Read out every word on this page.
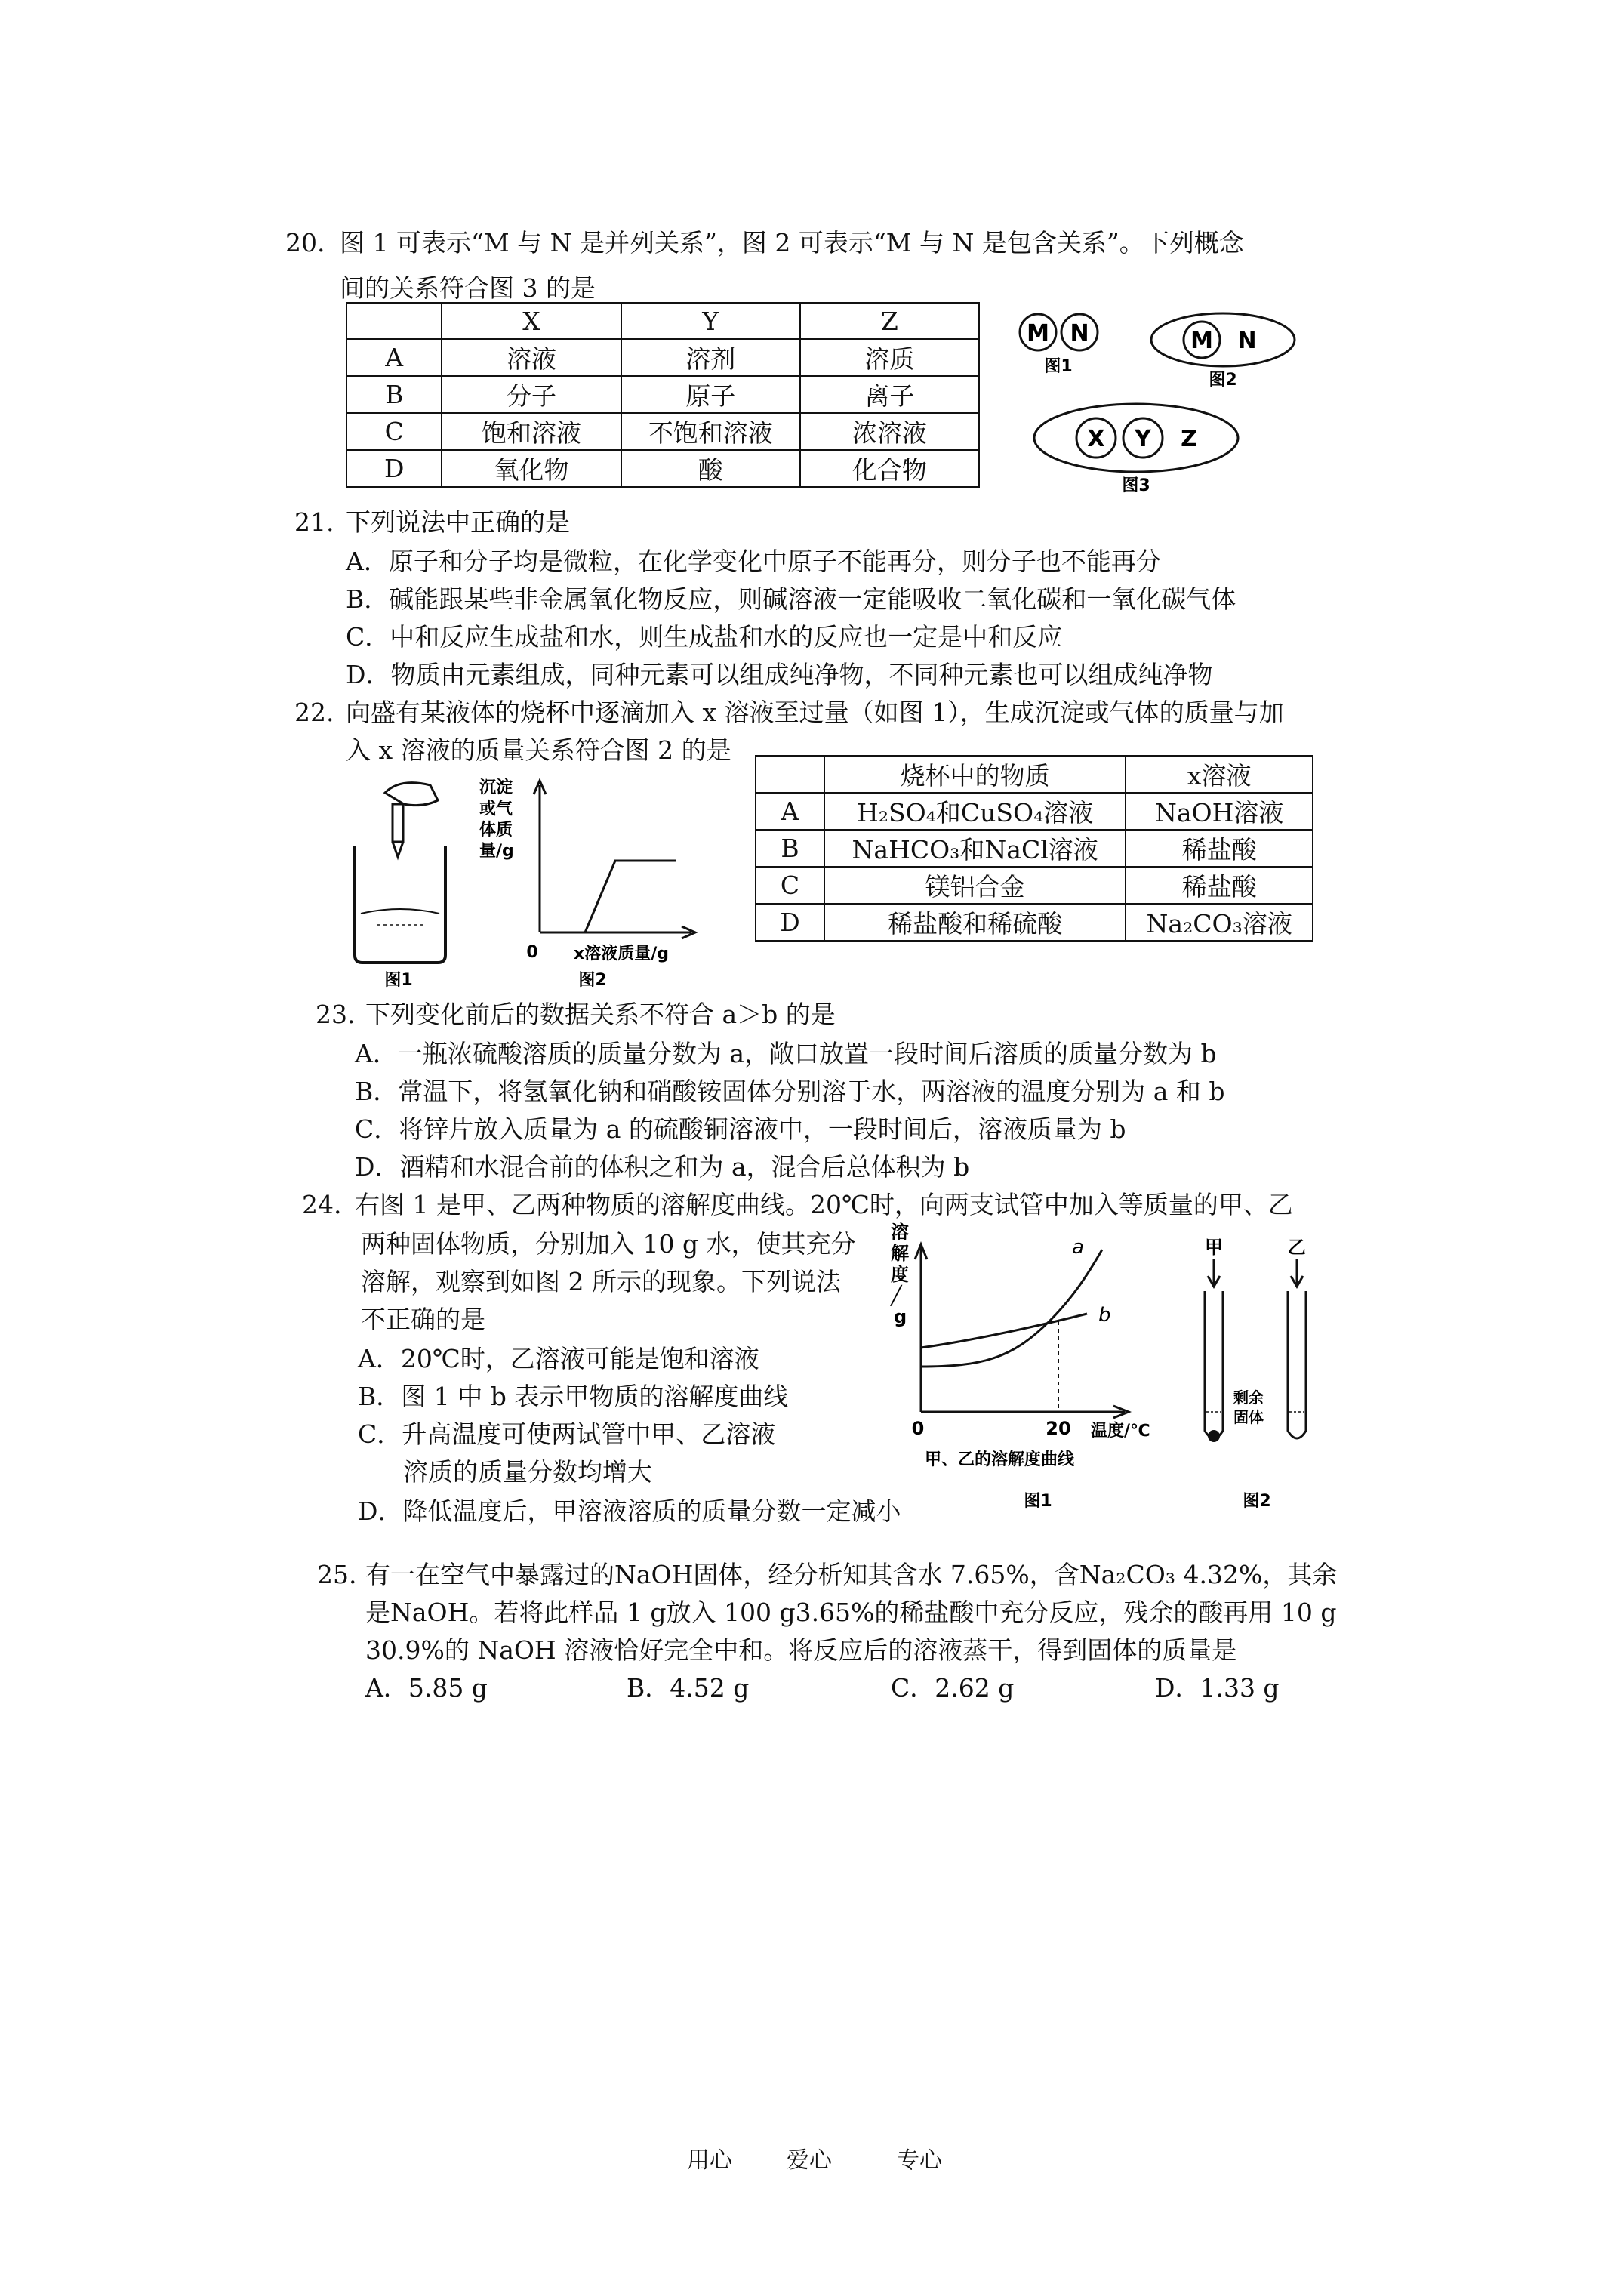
20. 图 1 可表示“M 与 N 是并列关系”，图 2 可表示“M 与 N 是包含关系”。下列概念
间的关系符合图 3 的是
	X	Y	Z
A	溶液	溶剂	溶质
B	分子	原子	离子
C	饱和溶液	不饱和溶液	浓溶液
D	氧化物	酸	化合物
M N
图1
M N
图2
X Y Z
图3
21. 下列说法中正确的是
A．原子和分子均是微粒，在化学变化中原子不能再分，则分子也不能再分
B．碱能跟某些非金属氧化物反应，则碱溶液一定能吸收二氧化碳和一氧化碳气体
C．中和反应生成盐和水，则生成盐和水的反应也一定是中和反应
D．物质由元素组成，同种元素可以组成纯净物，不同种元素也可以组成纯净物
22. 向盛有某液体的烧杯中逐滴加入 x 溶液至过量（如图 1），生成沉淀或气体的质量与加
入 x 溶液的质量关系符合图 2 的是
图1
沉淀
或气
体质
量/g
0 x溶液质量/g
图2
	烧杯中的物质	x溶液
A	H₂SO₄和CuSO₄溶液	NaOH溶液
B	NaHCO₃和NaCl溶液	稀盐酸
C	镁铝合金	稀盐酸
D	稀盐酸和稀硫酸	Na₂CO₃溶液
23. 下列变化前后的数据关系不符合 a＞b 的是
A．一瓶浓硫酸溶质的质量分数为 a，敞口放置一段时间后溶质的质量分数为 b
B．常温下，将氢氧化钠和硝酸铵固体分别溶于水，两溶液的温度分别为 a 和 b
C．将锌片放入质量为 a 的硫酸铜溶液中，一段时间后，溶液质量为 b
D．酒精和水混合前的体积之和为 a，混合后总体积为 b
24. 右图 1 是甲、乙两种物质的溶解度曲线。20℃时，向两支试管中加入等质量的甲、乙
两种固体物质，分别加入 10 g 水，使其充分
溶解，观察到如图 2 所示的现象。下列说法
不正确的是
A．20℃时，乙溶液可能是饱和溶液
B．图 1 中 b 表示甲物质的溶解度曲线
C．升高温度可使两试管中甲、乙溶液
溶质的质量分数均增大
D．降低温度后，甲溶液溶质的质量分数一定减小
溶
解
度
╱
g
a
b
0	20 温度/℃
甲、乙的溶解度曲线
图1
甲
剩余
固体
乙
图2
25. 有一在空气中暴露过的NaOH固体，经分析知其含水 7.65%，含Na₂CO₃ 4.32%，其余
是NaOH。若将此样品 1 g放入 100 g3.65%的稀盐酸中充分反应，残余的酸再用 10 g
30.9%的 NaOH 溶液恰好完全中和。将反应后的溶液蒸干，得到固体的质量是
A．5.85 g	B．4.52 g	C．2.62 g	D．1.33 g
用心 爱心	专心
